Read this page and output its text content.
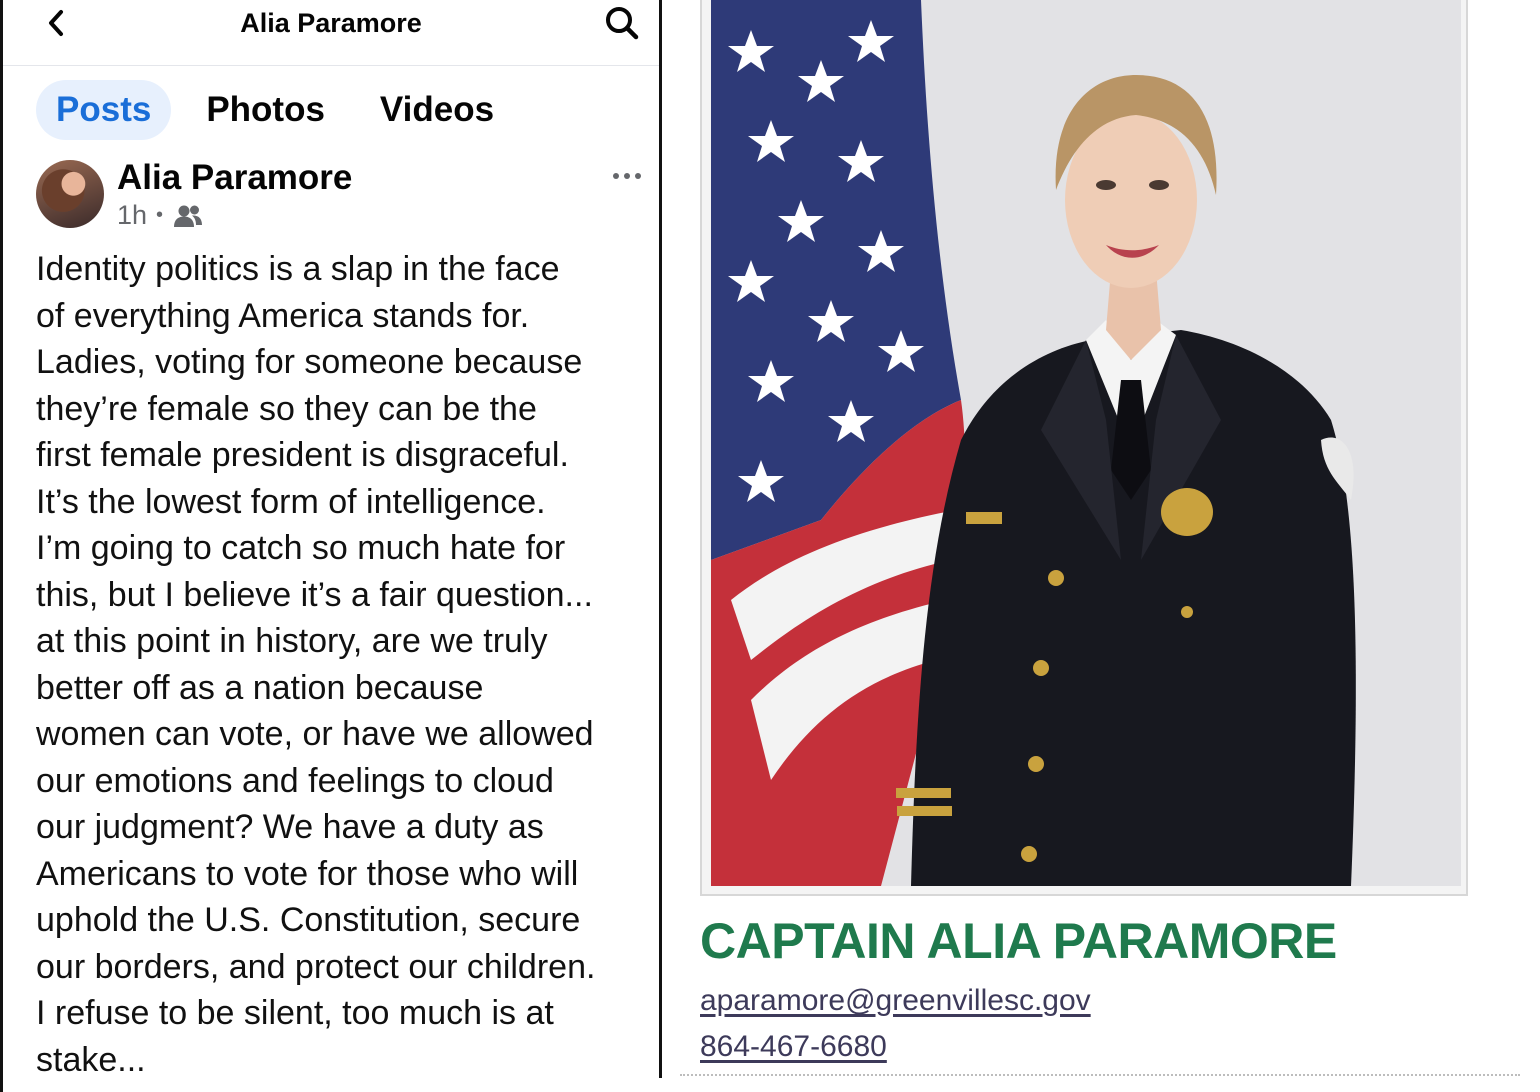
Alia Paramore
Posts	Photos	Videos
Alia Paramore
1h •
Identity politics is a slap in the face
of everything America stands for.
Ladies, voting for someone because
they’re female so they can be the
first female president is disgraceful.
It’s the lowest form of intelligence.
I’m going to catch so much hate for
this, but I believe it’s a fair question...
at this point in history, are we truly
better off as a nation because
women can vote, or have we allowed
our emotions and feelings to cloud
our judgment? We have a duty as
Americans to vote for those who will
uphold the U.S. Constitution, secure
our borders, and protect our children.
I refuse to be silent, too much is at
stake...
CAPTAIN ALIA PARAMORE
aparamore@greenvillesc.gov
864-467-6680
